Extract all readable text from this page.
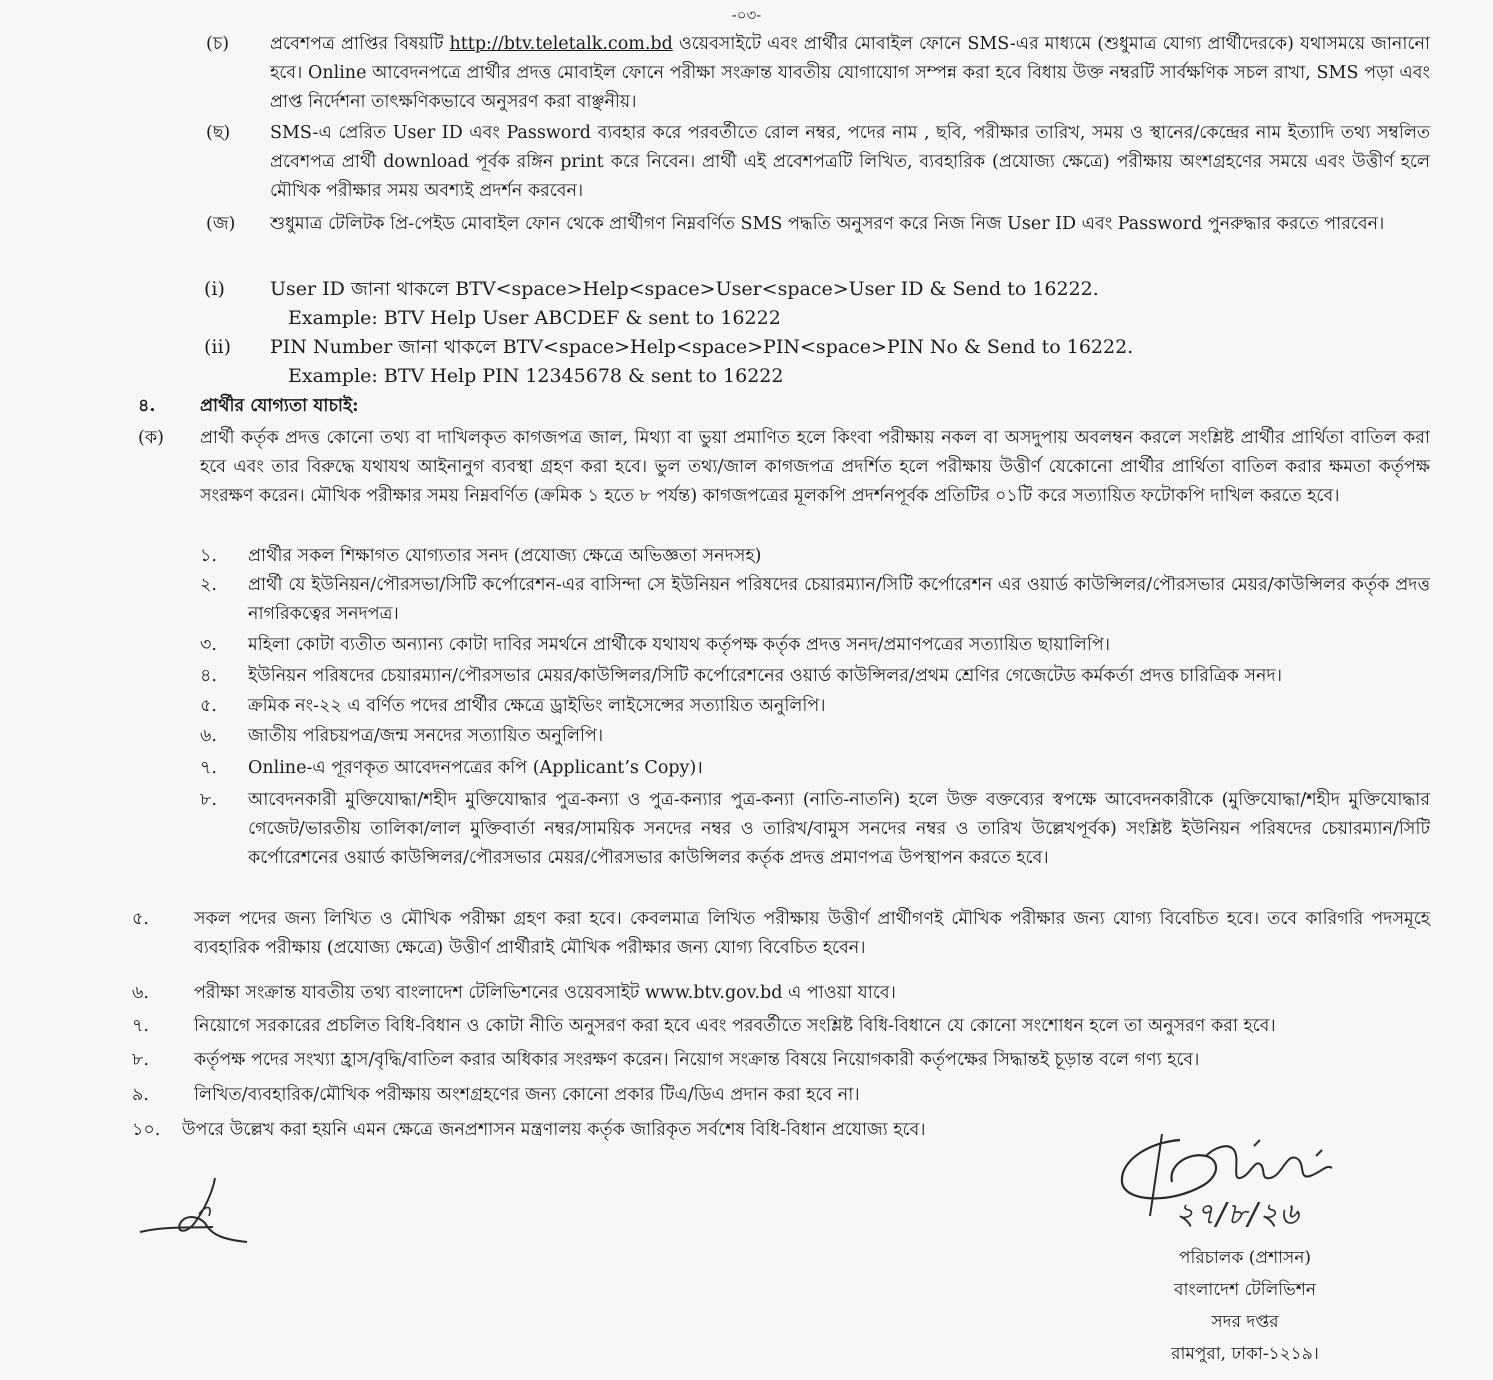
-০৩-
(চ) প্রবেশপত্র প্রাপ্তির বিষয়টি http://btv.teletalk.com.bd ওয়েবসাইটে এবং প্রার্থীর মোবাইল ফোনে SMS-এর মাধ্যমে (শুধুমাত্র যোগ্য প্রার্থীদেরকে) যথাসময়ে জানানো হবে। Online আবেদনপত্রে প্রার্থীর প্রদত্ত মোবাইল ফোনে পরীক্ষা সংক্রান্ত যাবতীয় যোগাযোগ সম্পন্ন করা হবে বিধায় উক্ত নম্বরটি সার্বক্ষণিক সচল রাখা, SMS পড়া এবং প্রাপ্ত নির্দেশনা তাৎক্ষণিকভাবে অনুসরণ করা বাঞ্ছনীয়।
(ছ) SMS-এ প্রেরিত User ID এবং Password ব্যবহার করে পরবর্তীতে রোল নম্বর, পদের নাম , ছবি, পরীক্ষার তারিখ, সময় ও স্থানের/কেন্দ্রের নাম ইত্যাদি তথ্য সম্বলিত প্রবেশপত্র প্রার্থী download পূর্বক রঙ্গিন print করে নিবেন। প্রার্থী এই প্রবেশপত্রটি লিখিত, ব্যবহারিক (প্রযোজ্য ক্ষেত্রে) পরীক্ষায় অংশগ্রহণের সময়ে এবং উত্তীর্ণ হলে মৌখিক পরীক্ষার সময় অবশ্যই প্রদর্শন করবেন।
(জ) শুধুমাত্র টেলিটক প্রি-পেইড মোবাইল ফোন থেকে প্রার্থীগণ নিম্নবর্ণিত SMS পদ্ধতি অনুসরণ করে নিজ নিজ User ID এবং Password পুনরুদ্ধার করতে পারবেন।
(i) User ID জানা থাকলে BTV<space>Help<space>User<space>User ID & Send to 16222.
Example: BTV Help User ABCDEF & sent to 16222
(ii) PIN Number জানা থাকলে BTV<space>Help<space>PIN<space>PIN No & Send to 16222.
Example: BTV Help PIN 12345678 & sent to 16222
৪.	প্রার্থীর যোগ্যতা যাচাই:
(ক) প্রার্থী কর্তৃক প্রদত্ত কোনো তথ্য বা দাখিলকৃত কাগজপত্র জাল, মিথ্যা বা ভুয়া প্রমাণিত হলে কিংবা পরীক্ষায় নকল বা অসদুপায় অবলম্বন করলে সংশ্লিষ্ট প্রার্থীর প্রার্থিতা বাতিল করা হবে এবং তার বিরুদ্ধে যথাযথ আইনানুগ ব্যবস্থা গ্রহণ করা হবে। ভুল তথ্য/জাল কাগজপত্র প্রদর্শিত হলে পরীক্ষায় উত্তীর্ণ যেকোনো প্রার্থীর প্রার্থিতা বাতিল করার ক্ষমতা কর্তৃপক্ষ সংরক্ষণ করেন। মৌখিক পরীক্ষার সময় নিম্নবর্ণিত (ক্রমিক ১ হতে ৮ পর্যন্ত) কাগজপত্রের মূলকপি প্রদর্শনপূর্বক প্রতিটির ০১টি করে সত্যায়িত ফটোকপি দাখিল করতে হবে।
১. প্রার্থীর সকল শিক্ষাগত যোগ্যতার সনদ (প্রযোজ্য ক্ষেত্রে অভিজ্ঞতা সনদসহ)
২. প্রার্থী যে ইউনিয়ন/পৌরসভা/সিটি কর্পোরেশন-এর বাসিন্দা সে ইউনিয়ন পরিষদের চেয়ারম্যান/সিটি কর্পোরেশন এর ওয়ার্ড কাউন্সিলর/পৌরসভার মেয়র/কাউন্সিলর কর্তৃক প্রদত্ত নাগরিকত্বের সনদপত্র।
৩. মহিলা কোটা ব্যতীত অন্যান্য কোটা দাবির সমর্থনে প্রার্থীকে যথাযথ কর্তৃপক্ষ কর্তৃক প্রদত্ত সনদ/প্রমাণপত্রের সত্যায়িত ছায়ালিপি।
৪. ইউনিয়ন পরিষদের চেয়ারম্যান/পৌরসভার মেয়র/কাউন্সিলর/সিটি কর্পোরেশনের ওয়ার্ড কাউন্সিলর/প্রথম শ্রেণির গেজেটেড কর্মকর্তা প্রদত্ত চারিত্রিক সনদ।
৫. ক্রমিক নং-২২ এ বর্ণিত পদের প্রার্থীর ক্ষেত্রে ড্রাইভিং লাইসেন্সের সত্যায়িত অনুলিপি।
৬. জাতীয় পরিচয়পত্র/জন্ম সনদের সত্যায়িত অনুলিপি।
৭. Online-এ পূরণকৃত আবেদনপত্রের কপি (Applicant’s Copy)।
৮. আবেদনকারী মুক্তিযোদ্ধা/শহীদ মুক্তিযোদ্ধার পুত্র-কন্যা ও পুত্র-কন্যার পুত্র-কন্যা (নাতি-নাতনি) হলে উক্ত বক্তব্যের স্বপক্ষে আবেদনকারীকে (মুক্তিযোদ্ধা/শহীদ মুক্তিযোদ্ধার গেজেট/ভারতীয় তালিকা/লাল মুক্তিবার্তা নম্বর/সাময়িক সনদের নম্বর ও তারিখ/বামুস সনদের নম্বর ও তারিখ উল্লেখপূর্বক) সংশ্লিষ্ট ইউনিয়ন পরিষদের চেয়ারম্যান/সিটি কর্পোরেশনের ওয়ার্ড কাউন্সিলর/পৌরসভার মেয়র/পৌরসভার কাউন্সিলর কর্তৃক প্রদত্ত প্রমাণপত্র উপস্থাপন করতে হবে।
৫.	সকল পদের জন্য লিখিত ও মৌখিক পরীক্ষা গ্রহণ করা হবে। কেবলমাত্র লিখিত পরীক্ষায় উত্তীর্ণ প্রার্থীগণই মৌখিক পরীক্ষার জন্য যোগ্য বিবেচিত হবে। তবে কারিগরি পদসমূহে ব্যবহারিক পরীক্ষায় (প্রযোজ্য ক্ষেত্রে) উত্তীর্ণ প্রার্থীরাই মৌখিক পরীক্ষার জন্য যোগ্য বিবেচিত হবেন।
৬.	পরীক্ষা সংক্রান্ত যাবতীয় তথ্য বাংলাদেশ টেলিভিশনের ওয়েবসাইট www.btv.gov.bd এ পাওয়া যাবে।
৭.	নিয়োগে সরকারের প্রচলিত বিধি-বিধান ও কোটা নীতি অনুসরণ করা হবে এবং পরবর্তীতে সংশ্লিষ্ট বিধি-বিধানে যে কোনো সংশোধন হলে তা অনুসরণ করা হবে।
৮.	কর্তৃপক্ষ পদের সংখ্যা হ্রাস/বৃদ্ধি/বাতিল করার অধিকার সংরক্ষণ করেন। নিয়োগ সংক্রান্ত বিষয়ে নিয়োগকারী কর্তৃপক্ষের সিদ্ধান্তই চূড়ান্ত বলে গণ্য হবে।
৯.	লিখিত/ব্যবহারিক/মৌখিক পরীক্ষায় অংশগ্রহণের জন্য কোনো প্রকার টিএ/ডিএ প্রদান করা হবে না।
১০. উপরে উল্লেখ করা হয়নি এমন ক্ষেত্রে জনপ্রশাসন মন্ত্রণালয় কর্তৃক জারিকৃত সর্বশেষ বিধি-বিধান প্রযোজ্য হবে।
২৭/৮/২৬
পরিচালক (প্রশাসন)
বাংলাদেশ টেলিভিশন
সদর দপ্তর
রামপুরা, ঢাকা-১২১৯।
